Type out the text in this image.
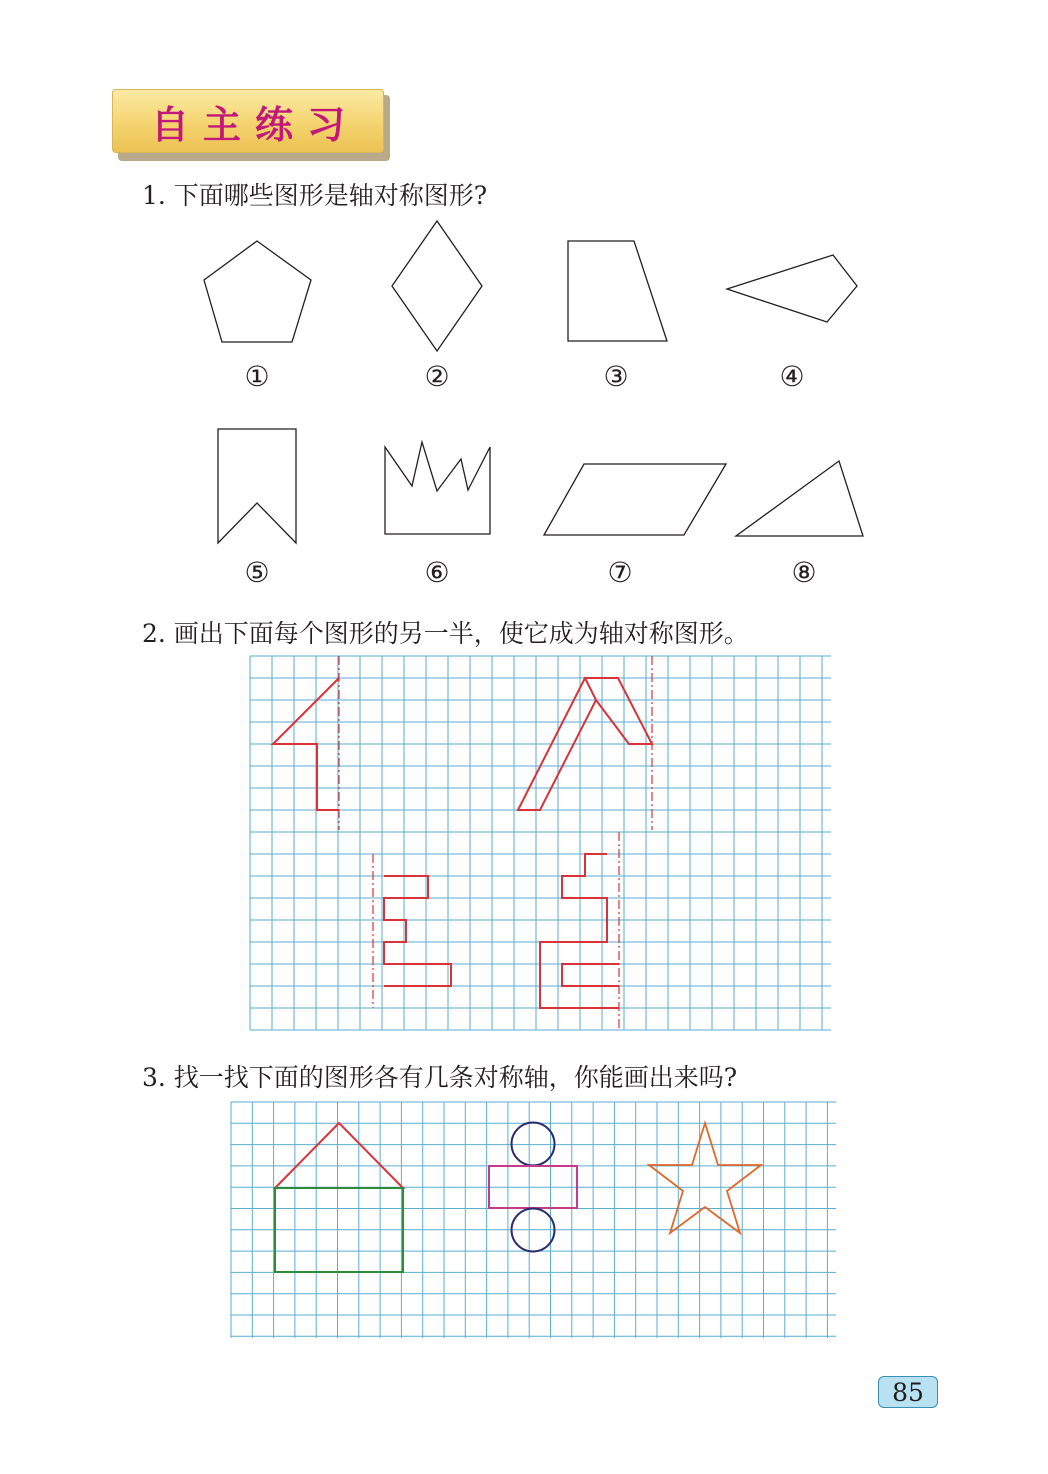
自主练习
1. 下面哪些图形是轴对称图形?
2. 画出下面每个图形的另一半，使它成为轴对称图形。
3. 找一找下面的图形各有几条对称轴，你能画出来吗?
①	②	③	④
⑤	⑥	⑦	⑧
85
